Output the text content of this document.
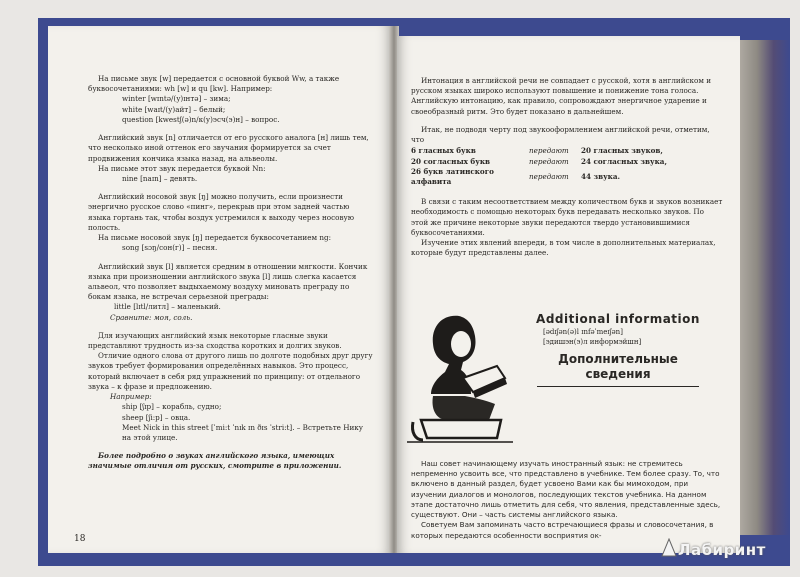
На письме звук [w] передается с основной буквой Ww, а также буквосочетаниями: wh [w] и qu [kw]. Например:

winter [wɪntə/(у)ɪнтə] – зима;

white [waɪt/(у)айт] – белый;

question [kwestʃ(ə)n/к(у)эсч(э)н] – вопрос.

Английский звук [n] отличается от его русского аналога [н] лишь тем, что несколько иной оттенок его звучания формируется за счет продвижения кончика языка назад, на альвеолы.

На письме этот звук передается буквой Nn:

nine [naɪn] – девять.

Английский носовой звук [ŋ] можно получить, если произнести энергично русское слово «пинг», перекрыв при этом задней частью языка гортань так, чтобы воздух устремился к выходу через носовую полость.

На письме носовой звук [ŋ] передается буквосочетанием ng:

song [sɔŋ/сон(г)] – песня.

Английский звук [l] является средним в отношении мягкости. Кончик языка при произношении английского звука [l] лишь слегка касается альвеол, что позволяет выдыхаемому воздуху миновать преграду по бокам языка, не встречая серьезной преграды:

little [lɪtl/литл] – маленький.

Сравните: моя, соль.

Для изучающих английский язык некоторые гласные звуки представляют трудность из-за сходства коротких и долгих звуков.

Отличие одного слова от другого лишь по долготе подобных друг другу звуков требует формирования определённых навыков. Это процесс, который включает в себя ряд упражнений по принципу: от отдельного звука – к фразе и предложению.

Например:

ship [ʃɪp] – корабль, судно;

sheep [ʃi:p] – овца.

Meet Nick in this street [ˈmi:t ˈnɪk ɪn ðɪs ˈstri:t]. – Встретьте Нику на этой улице.

Более подробно о звуках английского языка, имеющих значимые отличия от русских, смотрите в приложении.

18

Интонация в английской речи не совпадает с русской, хотя в английском и русском языках широко используют повышение и понижение тона голоса. Английскую интонацию, как правило, сопровождают энергичное ударение и своеобразный ритм. Это будет показано в дальнейшем.

Итак, не подводя черту под звукооформлением английской речи, отметим, что

6 гласных букв	передают	20 гласных звуков,
20 согласных букв	передают	24 согласных звука,
26 букв латинского алфавита	передают	44 звука.

В связи с таким несоответствием между количеством букв и звуков возникает необходимость с помощью некоторых букв передавать несколько звуков. По этой же причине некоторые звуки передаются твердо установившимися буквосочетаниями.

Изучение этих явлений впереди, в том числе в дополнительных материалах, которые будут представлены далее.

Additional information
[ədɪʃən(ə)l ɪnfəˈmeɪʃən]
[эдишэн(э)л информэйшн]
Дополнительные
сведения

Наш совет начинающему изучать иностранный язык: не стремитесь непременно усвоить все, что представлено в учебнике. Тем более сразу. То, что включено в данный раздел, будет усвоено Вами как бы мимоходом, при изучении диалогов и монологов, последующих текстов учебника. На данном этапе достаточно лишь отметить для себя, что явления, представленные здесь, существуют. Они – часть системы английского языка.

Советуем Вам запоминать часто встречающиеся фразы и словосочетания, в которых передаются особенности восприятия ок-

Лабиринт
